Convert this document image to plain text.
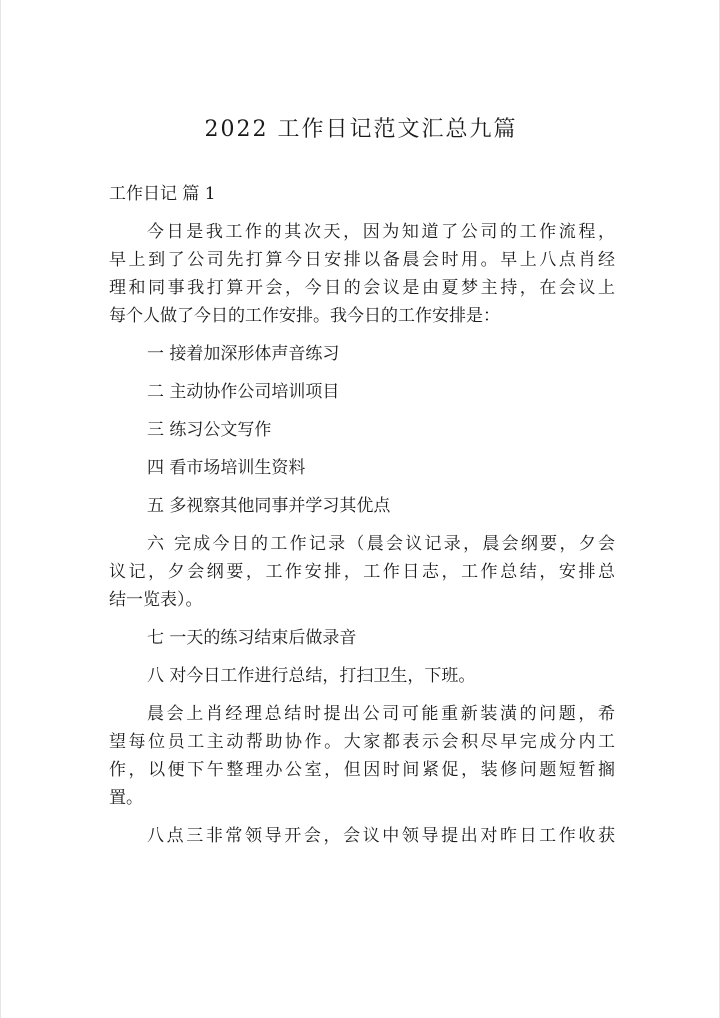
2022 工作日记范文汇总九篇
工作日记 篇 1
今日是我工作的其次天，因为知道了公司的工作流程，
早上到了公司先打算今日安排以备晨会时用。早上八点肖经
理和同事我打算开会，今日的会议是由夏梦主持，在会议上
每个人做了今日的工作安排。我今日的工作安排是：
一 接着加深形体声音练习
二 主动协作公司培训项目
三 练习公文写作
四 看市场培训生资料
五 多视察其他同事并学习其优点
六 完成今日的工作记录（晨会议记录，晨会纲要，夕会
议记，夕会纲要，工作安排，工作日志，工作总结，安排总
结一览表）。
七 一天的练习结束后做录音
八 对今日工作进行总结，打扫卫生，下班。
晨会上肖经理总结时提出公司可能重新装潢的问题，希
望每位员工主动帮助协作。大家都表示会积尽早完成分内工
作，以便下午整理办公室，但因时间紧促，装修问题短暂搁
置。
八点三非常领导开会，会议中领导提出对昨日工作收获
